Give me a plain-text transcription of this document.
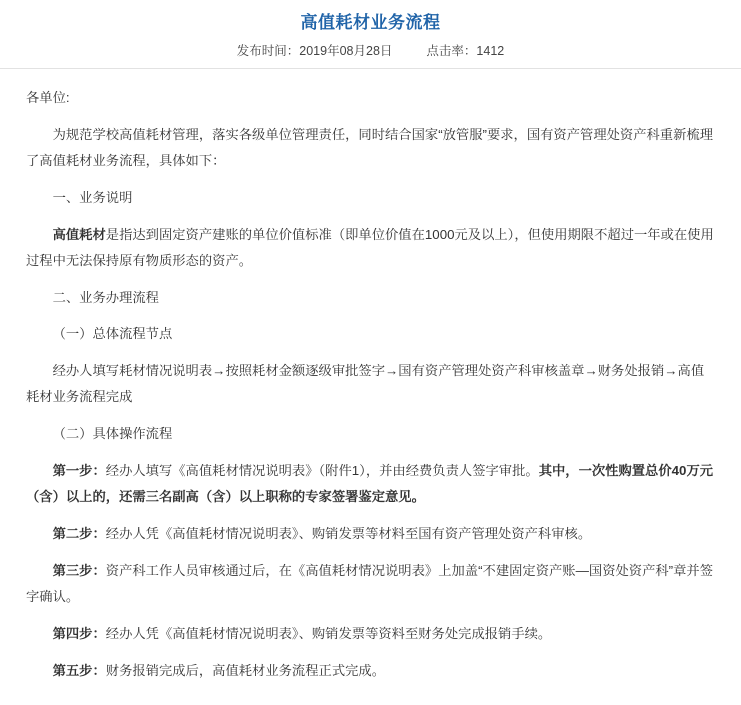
高值耗材业务流程
发布时间：2019年08月28日	点击率：1412

各单位:

为规范学校高值耗材管理，落实各级单位管理责任，同时结合国家“放管服”要求，国有资产管理处资产科重新梳理了高值耗材业务流程，具体如下：

一、业务说明

高值耗材是指达到固定资产建账的单位价值标准（即单位价值在1000元及以上），但使用期限不超过一年或在使用过程中无法保持原有物质形态的资产。

二、业务办理流程

（一）总体流程节点

经办人填写耗材情况说明表→按照耗材金额逐级审批签字→国有资产管理处资产科审核盖章→财务处报销→高值耗材业务流程完成

（二）具体操作流程

第一步：经办人填写《高值耗材情况说明表》（附件1），并由经费负责人签字审批。其中，一次性购置总价40万元（含）以上的，还需三名副高（含）以上职称的专家签署鉴定意见。

第二步：经办人凭《高值耗材情况说明表》、购销发票等材料至国有资产管理处资产科审核。

第三步：资产科工作人员审核通过后，在《高值耗材情况说明表》上加盖“不建固定资产账—国资处资产科”章并签字确认。

第四步：经办人凭《高值耗材情况说明表》、购销发票等资料至财务处完成报销手续。

第五步：财务报销完成后，高值耗材业务流程正式完成。
